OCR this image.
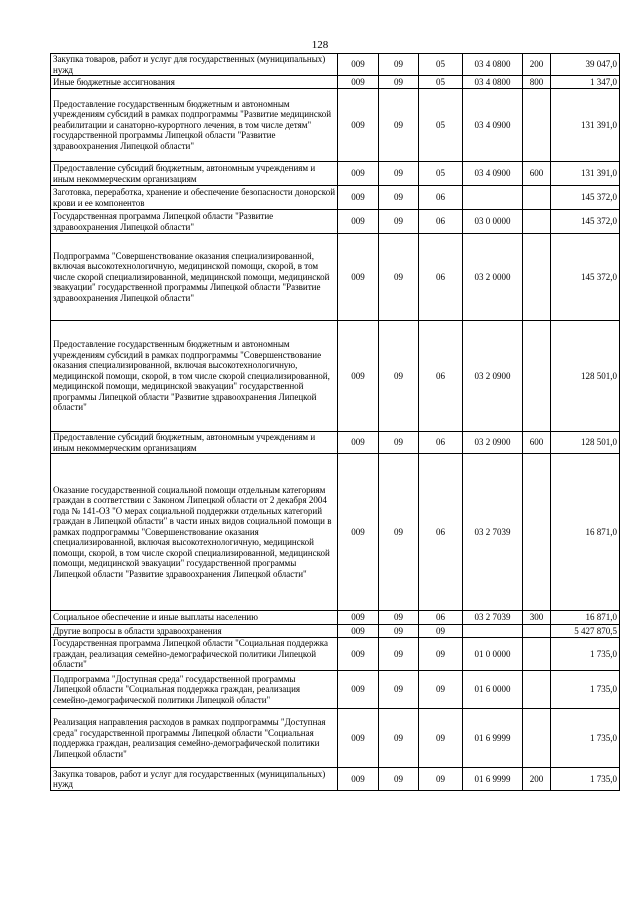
128
Закупка товаров, работ и услуг для государственных (муниципальных) нужд	009	09	05	03 4 0800	200	39 047,0
Иные бюджетные ассигнования	009	09	05	03 4 0800	800	1 347,0
Предоставление государственным бюджетным и автономным учреждениям субсидий в рамках подпрограммы "Развитие медицинской реабилитации и санаторно-курортного лечения, в том числе детям" государственной программы Липецкой области "Развитие здравоохранения Липецкой области"	009	09	05	03 4 0900		131 391,0
Предоставление субсидий бюджетным, автономным учреждениям и иным некоммерческим организациям	009	09	05	03 4 0900	600	131 391,0
Заготовка, переработка, хранение и обеспечение безопасности донорской крови и ее компонентов	009	09	06			145 372,0
Государственная программа Липецкой области "Развитие здравоохранения Липецкой области"	009	09	06	03 0 0000		145 372,0
Подпрограмма "Совершенствование оказания специализированной, включая высокотехнологичную, медицинской помощи, скорой, в том числе скорой специализированной, медицинской помощи, медицинской эвакуации" государственной программы Липецкой области "Развитие здравоохранения Липецкой области"	009	09	06	03 2 0000		145 372,0
Предоставление государственным бюджетным и автономным учреждениям субсидий в рамках подпрограммы "Совершенствование оказания специализированной, включая высокотехнологичную, медицинской помощи, скорой, в том числе скорой специализированной, медицинской помощи, медицинской эвакуации" государственной программы Липецкой области "Развитие здравоохранения Липецкой области"	009	09	06	03 2 0900		128 501,0
Предоставление субсидий бюджетным, автономным учреждениям и иным некоммерческим организациям	009	09	06	03 2 0900	600	128 501,0
Оказание государственной социальной помощи отдельным категориям граждан в соответствии с Законом Липецкой области от 2 декабря 2004 года № 141-ОЗ "О мерах социальной поддержки отдельных категорий граждан в Липецкой области" в части иных видов социальной помощи в рамках подпрограммы "Совершенствование оказания специализированной, включая высокотехнологичную, медицинской помощи, скорой, в том числе скорой специализированной, медицинской помощи, медицинской эвакуации" государственной программы Липецкой области "Развитие здравоохранения Липецкой области"	009	09	06	03 2 7039		16 871,0
Социальное обеспечение и иные выплаты населению	009	09	06	03 2 7039	300	16 871,0
Другие вопросы в области здравоохранения	009	09	09			5 427 870,5
Государственная программа Липецкой области "Социальная поддержка граждан, реализация семейно-демографической политики Липецкой области"	009	09	09	01 0 0000		1 735,0
Подпрограмма "Доступная среда" государственной программы Липецкой области "Социальная поддержка граждан, реализация семейно-демографической политики Липецкой области"	009	09	09	01 6 0000		1 735,0
Реализация направления расходов в рамках подпрограммы "Доступная среда" государственной программы Липецкой области "Социальная поддержка граждан, реализация семейно-демографической политики Липецкой области"	009	09	09	01 6 9999		1 735,0
Закупка товаров, работ и услуг для государственных (муниципальных) нужд	009	09	09	01 6 9999	200	1 735,0
